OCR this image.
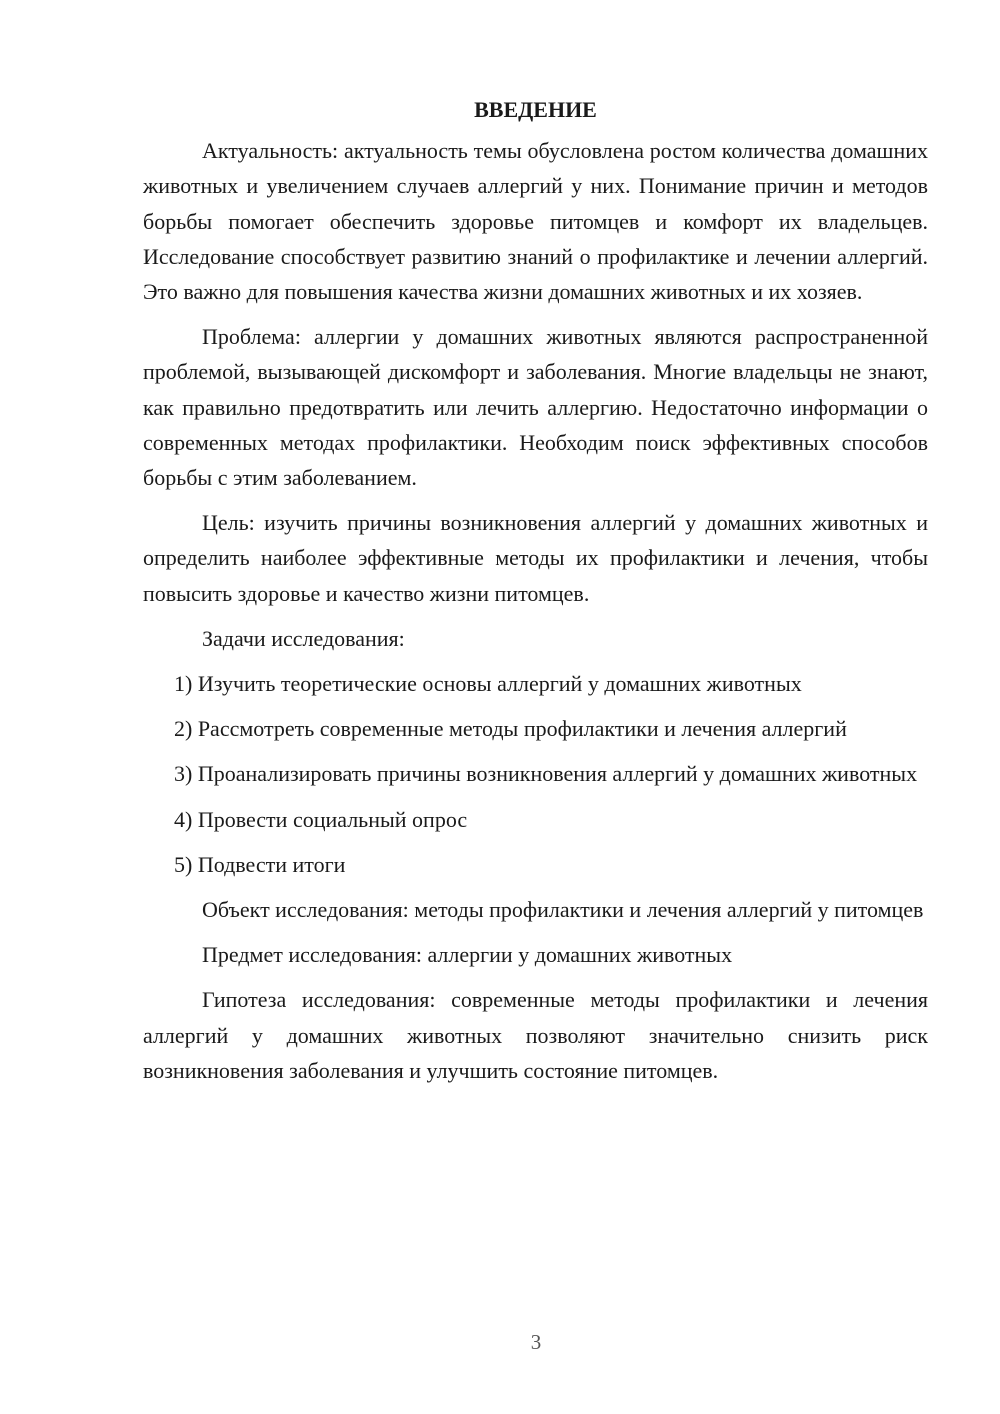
ВВЕДЕНИЕ

Актуальность: актуальность темы обусловлена ростом количества домашних животных и увеличением случаев аллергий у них. Понимание причин и методов борьбы помогает обеспечить здоровье питомцев и комфорт их владельцев. Исследование способствует развитию знаний о профилактике и лечении аллергий. Это важно для повышения качества жизни домашних животных и их хозяев.

Проблема: аллергии у домашних животных являются распространенной проблемой, вызывающей дискомфорт и заболевания. Многие владельцы не знают, как правильно предотвратить или лечить аллергию. Недостаточно информации о современных методах профилактики. Необходим поиск эффективных способов борьбы с этим заболеванием.

Цель: изучить причины возникновения аллергий у домашних животных и определить наиболее эффективные методы их профилактики и лечения, чтобы повысить здоровье и качество жизни питомцев.

Задачи исследования:

1) Изучить теоретические основы аллергий у домашних животных

2) Рассмотреть современные методы профилактики и лечения аллергий

3) Проанализировать причины возникновения аллергий у домашних животных

4) Провести социальный опрос

5) Подвести итоги

Объект исследования: методы профилактики и лечения аллергий у питомцев

Предмет исследования: аллергии у домашних животных

Гипотеза исследования: современные методы профилактики и лечения аллергий у домашних животных позволяют значительно снизить риск возникновения заболевания и улучшить состояние питомцев.

3
